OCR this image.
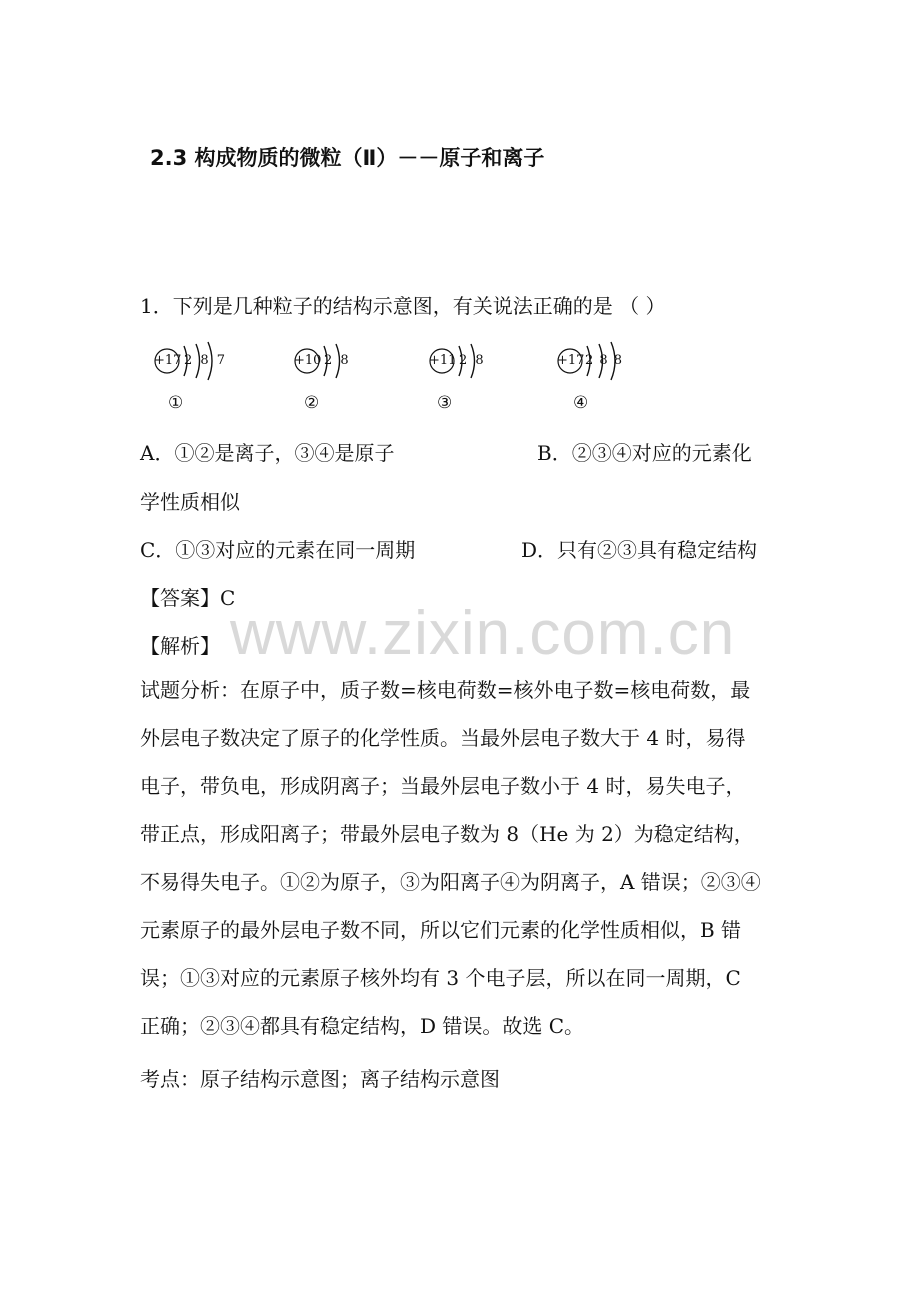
www.zixin.com.cn
2.3 构成物质的微粒（Ⅱ）－－原子和离子
1．下列是几种粒子的结构示意图，有关说法正确的是 （ ）
+17 2 8 7
①
+10 2 8
②
+11 2 8
③
+17 2 8 8
④
A．①②是离子，③④是原子	B．②③④对应的元素化
学性质相似
C．①③对应的元素在同一周期	D．只有②③具有稳定结构
【答案】C
【解析】
试题分析：在原子中，质子数=核电荷数=核外电子数=核电荷数，最
外层电子数决定了原子的化学性质。当最外层电子数大于 4 时，易得
电子，带负电，形成阴离子；当最外层电子数小于 4 时，易失电子，
带正点，形成阳离子；带最外层电子数为 8（He 为 2）为稳定结构，
不易得失电子。①②为原子，③为阳离子④为阴离子，A 错误；②③④
元素原子的最外层电子数不同，所以它们元素的化学性质相似，B 错
误；①③对应的元素原子核外均有 3 个电子层，所以在同一周期，C
正确；②③④都具有稳定结构，D 错误。故选 C。
考点：原子结构示意图；离子结构示意图
